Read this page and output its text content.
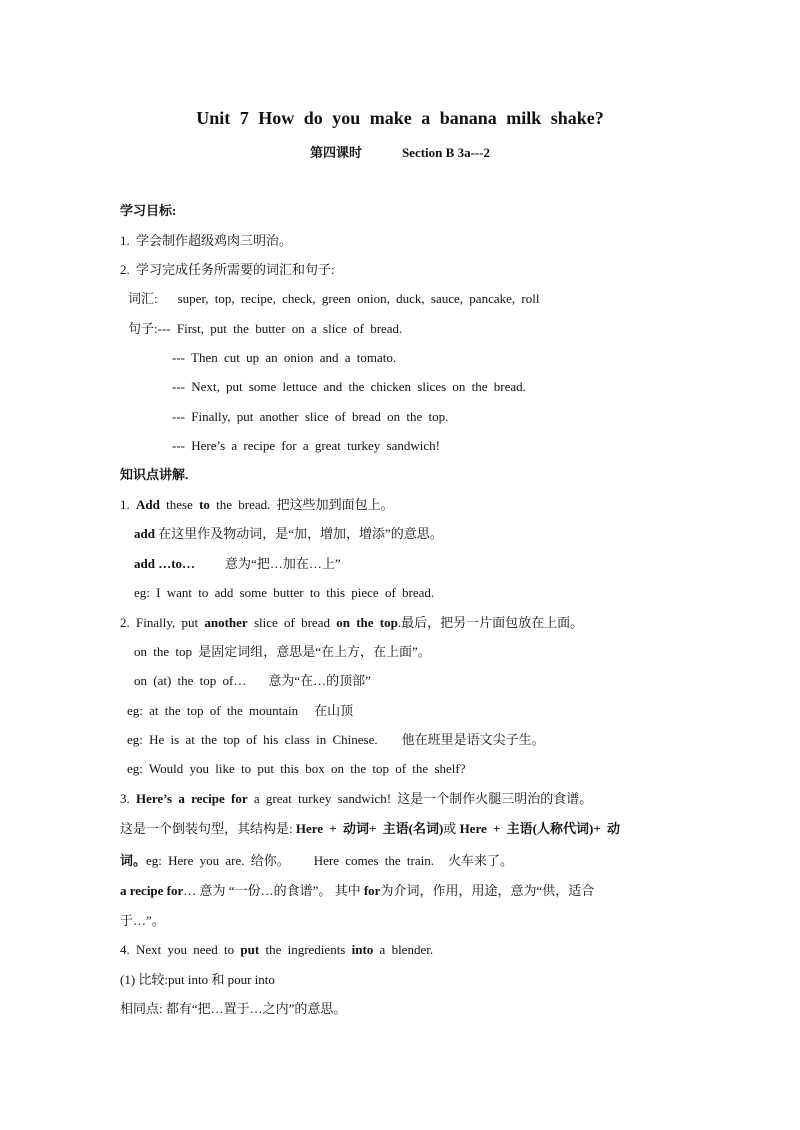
Unit 7 How do you make a banana milk shake?
第四课时	Section B 3a---2
学习目标:
1. 学会制作超级鸡肉三明治。
2. 学习完成任务所需要的词汇和句子:
词汇: super, top, recipe, check, green onion, duck, sauce, pancake, roll
句子:--- First, put the butter on a slice of bread.
--- Then cut up an onion and a tomato.
--- Next, put some lettuce and the chicken slices on the bread.
--- Finally, put another slice of bread on the top.
--- Here’s a recipe for a great turkey sandwich!
知识点讲解.
1. Add these to the bread. 把这些加到面包上。
add 在这里作及物动词，是“加，增加，增添”的意思。
add …to… 意为“把…加在…上”
eg: I want to add some butter to this piece of bread.
2. Finally, put another slice of bread on the top.最后，把另一片面包放在上面。
on the top 是固定词组，意思是“在上方，在上面”。
on (at) the top of… 意为“在…的顶部”
eg: at the top of the mountain 在山顶
eg: He is at the top of his class in Chinese. 他在班里是语文尖子生。
eg: Would you like to put this box on the top of the shelf?
3. Here’s a recipe for a great turkey sandwich! 这是一个制作火腿三明治的食谱。
这是一个倒装句型，其结构是: Here + 动词+ 主语(名词)或 Here + 主语(人称代词)+ 动
词。eg: Here you are. 给你。 Here comes the train. 火车来了。
a recipe for… 意为 “一份…的食谱”。 其中 for为介词，作用，用途，意为“供，适合
于…”。
4. Next you need to put the ingredients into a blender.
(1) 比较:put into 和 pour into
相同点: 都有“把…置于…之内”的意思。
